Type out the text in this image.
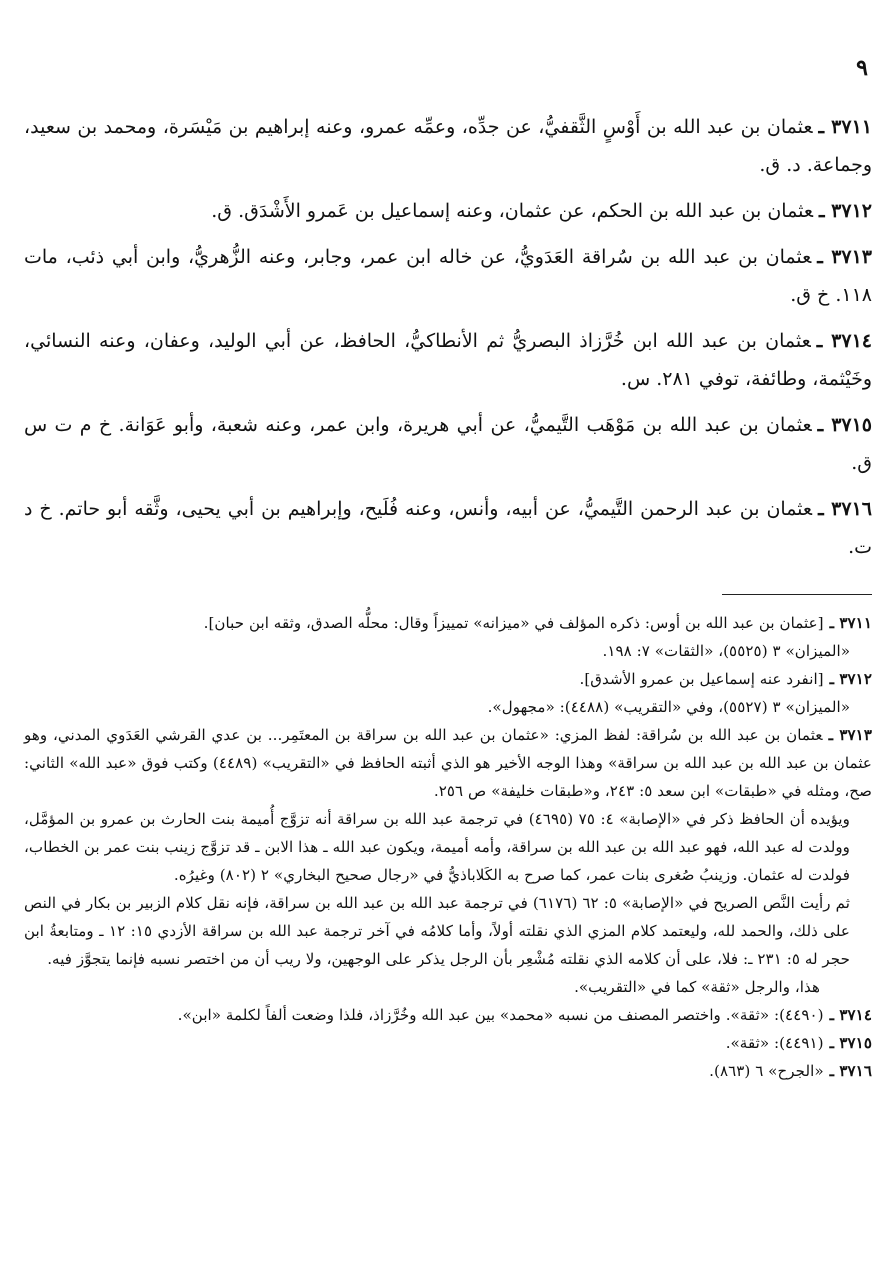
٩

٣٧١١ ـعثمان بن عبد الله بن أَوْسٍ الثَّقفيُّ، عن جدِّه، وعمِّه عمرو، وعنه إبراهيم بن مَيْسَرة، ومحمد بن سعيد، وجماعة. د. ق.

٣٧١٢ ـعثمان بن عبد الله بن الحكم، عن عثمان، وعنه إسماعيل بن عَمرو الأَشْدَق. ق.

٣٧١٣ ـعثمان بن عبد الله بن سُراقة العَدَويُّ، عن خاله ابن عمر، وجابر، وعنه الزُّهريُّ، وابن أبي ذئب، مات ١١٨. خ ق.

٣٧١٤ ـعثمان بن عبد الله ابن خُرَّزاذ البصريُّ ثم الأنطاكيُّ، الحافظ، عن أبي الوليد، وعفان، وعنه النسائي، وخَيْثمة، وطائفة، توفي ٢٨١. س.

٣٧١٥ ـعثمان بن عبد الله بن مَوْهَب التَّيميُّ، عن أبي هريرة، وابن عمر، وعنه شعبة، وأبو عَوَانة. خ م ت س ق.

٣٧١٦ ـعثمان بن عبد الرحمن التَّيميُّ، عن أبيه، وأنس، وعنه فُلَيح، وإبراهيم بن أبي يحيى، وثَّقه أبو حاتم. خ د ت.

٣٧١١ ـ[عثمان بن عبد الله بن أوس: ذكره المؤلف في «ميزانه» تمييزاً وقال: محلُّه الصدق، وثقه ابن حبان].

«الميزان» ٣ (٥٥٢٥)، «الثقات» ٧: ١٩٨.

٣٧١٢ ـ[انفرد عنه إسماعيل بن عمرو الأشدق].

«الميزان» ٣ (٥٥٢٧)، وفي «التقريب» (٤٤٨٨): «مجهول».

٣٧١٣ ـعثمان بن عبد الله بن سُراقة: لفظ المزي: «عثمان بن عبد الله بن سراقة بن المعتَمِر... بن عدي القرشي العَدَوي المدني، وهو عثمان بن عبد الله بن عبد الله بن سراقة» وهذا الوجه الأخير هو الذي أثبته الحافظ في «التقريب» (٤٤٨٩) وكتب فوق «عبد الله» الثاني: صح، ومثله في «طبقات» ابن سعد ٥: ٢٤٣، و«طبقات خليفة» ص ٢٥٦.

ويؤيده أن الحافظ ذكر في «الإصابة» ٤: ٧٥ (٤٦٩٥) في ترجمة عبد الله بن سراقة أنه تزوَّج أُميمة بنت الحارث بن عمرو بن المؤمَّل، وولدت له عبد الله، فهو عبد الله بن عبد الله بن سراقة، وأمه أميمة، ويكون عبد الله ـ هذا الابن ـ قد تزوَّج زينب بنت عمر بن الخطاب، فولدت له عثمان. وزينبُ صُغرى بنات عمر، كما صرح به الكَلاباذيُّ في «رجال صحيح البخاري» ٢ (٨٠٢) وغيرُه.

ثم رأيت النَّص الصريح في «الإصابة» ٥: ٦٢ (٦١٧٦) في ترجمة عبد الله بن عبد الله بن سراقة، فإنه نقل كلام الزبير بن بكار في النص على ذلك، والحمد لله، وليعتمد كلام المزي الذي نقلته أولاً، وأما كلامُه في آخر ترجمة عبد الله بن سراقة الأزدي ١٥: ١٢ ـ ومتابعةُ ابن حجر له ٥: ٢٣١ ـ: فلا، على أن كلامه الذي نقلته مُشْعِر بأن الرجل يذكر على الوجهين، ولا ريب أن من اختصر نسبه فإنما يتجوَّز فيه.

هذا، والرجل «ثقة» كما في «التقريب».

٣٧١٤ ـ(٤٤٩٠): «ثقة». واختصر المصنف من نسبه «محمد» بين عبد الله وخُرَّزاذ، فلذا وضعت ألفاً لكلمة «ابن».

٣٧١٥ ـ(٤٤٩١): «ثقة».

٣٧١٦ ـ«الجرح» ٦ (٨٦٣).
